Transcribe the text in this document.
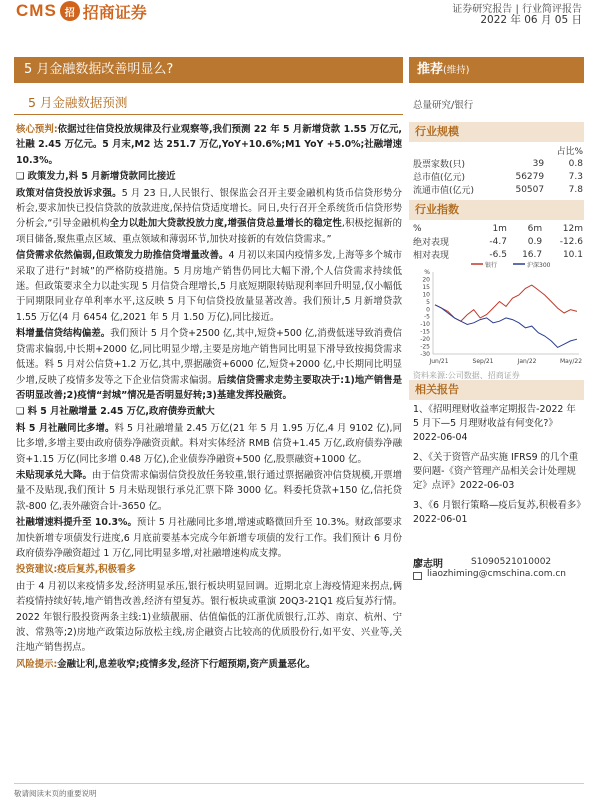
CMS 招 招商证券	证券研究报告 | 行业简评报告
2022 年 06 月 05 日
5 月金融数据改善明显么?	推荐(维持)
5 月金融数据预测

核心预判:依据过往信贷投放规律及行业观察等,我们预测 22 年 5 月新增贷款 1.55 万亿元,社融 2.45 万亿元。5 月末,M2 达 251.7 万亿,YoY+10.6%;M1 YoY +5.0%;社融增速 10.3%。

❑ 政策发力,料 5 月新增贷款同比接近

政策对信贷投放诉求强。5 月 23 日,人民银行、银保监会召开主要金融机构货币信贷形势分析会,要求加快已投信贷款的放款进度,保持信贷适度增长。同日,央行召开全系统货币信贷形势分析会,“引导金融机构全力以赴加大贷款投放力度,增强信贷总量增长的稳定性,积极挖掘新的项目储备,聚焦重点区域、重点领域和薄弱环节,加快对接新的有效信贷需求。”

信贷需求依然偏弱,但政策发力助推信贷增量改善。4 月初以来国内疫情多发,上海等多个城市采取了进行“封城”的严格防疫措施。5 月房地产销售仍同比大幅下滑,个人信贷需求持续低迷。但政策要求全力以赴实现 5 月信贷合理增长,5 月底短期限转贴现利率回升明显,仅小幅低于同期限同业存单利率水平,这反映 5 月下旬信贷投放量显著改善。我们预计,5 月新增贷款 1.55 万亿(4 月 6454 亿,2021 年 5 月 1.50 万亿),同比接近。

料增量信贷结构偏差。我们预计 5 月个贷+2500 亿,其中,短贷+500 亿,消费低迷导致消费信贷需求偏弱,中长期+2000 亿,同比明显少增,主要是房地产销售同比明显下滑导致按揭贷需求低迷。料 5 月对公信贷+1.2 万亿,其中,票据融资+6000 亿,短贷+2000 亿,中长期同比明显少增,反映了疫情多发等之下企业信贷需求偏弱。后续信贷需求走势主要取决于:1)地产销售是否明显改善;2)疫情“封城”情况是否明显好转;3)基建发挥投融资。

❑ 料 5 月社融增量 2.45 万亿,政府债券贡献大

料 5 月社融同比多增。料 5 月社融增量 2.45 万亿(21 年 5 月 1.95 万亿,4 月 9102 亿),同比多增,多增主要由政府债券净融资贡献。料对实体经济 RMB 信贷+1.45 万亿,政府债券净融资+1.15 万亿(同比多增 0.48 万亿),企业债券净融资+500 亿,股票融资+1000 亿。

未贴现承兑大降。由于信贷需求偏弱信贷投放任务较重,银行通过票据融资冲信贷规模,开票增量不及贴现,我们预计 5 月未贴现银行承兑汇票下降 3000 亿。料委托贷款+150 亿,信托贷款-800 亿,表外融资合计-3650 亿。

社融增速料提升至 10.3%。预计 5 月社融同比多增,增速或略微回升至 10.3%。财政部要求加快新增专项债发行进度,6 月底前要基本完成今年新增专项债的发行工作。我们预计 6 月份政府债券净融资超过 1 万亿,同比明显多增,对社融增速构成支撑。

投资建议:疫后复苏,积极看多

由于 4 月初以来疫情多发,经济明显承压,银行板块明显回调。近期北京上海疫情迎来拐点,俩若疫情持续好转,地产销售改善,经济有望复苏。银行板块或重演 20Q3-21Q1 疫后复苏行情。2022 年银行股投资两条主线:1)业绩靓丽、估值偏低的江浙优质银行,江苏、南京、杭州、宁波、常熟等;2)房地产政策边际放松主线,房企融资占比较高的优质股份行,如平安、兴业等,关注地产销售拐点。

风险提示:金融让利,息差收窄;疫情多发,经济下行超预期,资产质量恶化。

总量研究/银行
行业规模
		占比%
股票家数(只)	39	0.8
总市值(亿元)	56279	7.3
流通市值(亿元)	50507	7.8
行业指数
%	1m	6m	12m
绝对表现	-4.7	0.9	-12.6
相对表现	-6.5	16.7	10.1
银行	沪深300
%
20
15
10
5
0
-5
-10
-15
-20
-25
-30
Jun/21	Sep/21	Jan/22	May/22
资料来源:公司数据、招商证券
相关报告
1、《招明理财收益率定期报告-2022 年 5 月下—5 月理财收益有何变化?》2022-06-04
2、《关于资管产品实施 IFRS9 的几个重要问题-《资产管理产品相关会计处理规定》点评》2022-06-03
3、《6 月银行策略—疫后复苏,积极看多》2022-06-01
廖志明	S1090521010002
liaozhiming@cmschina.com.cn
敬请阅读末页的重要说明
